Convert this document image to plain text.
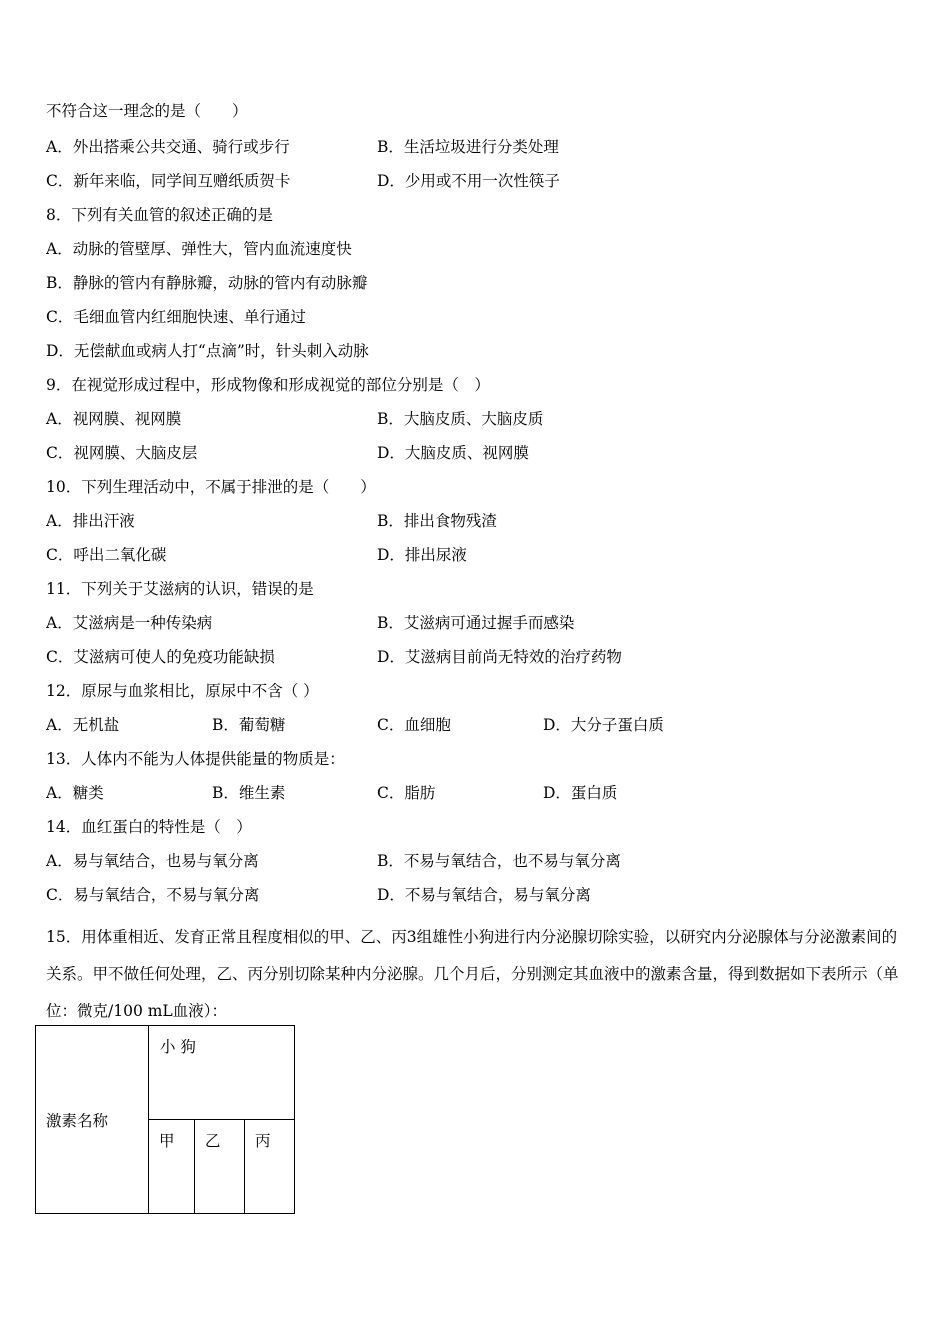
不符合这一理念的是（　　）
A．外出搭乘公共交通、骑行或步行	B．生活垃圾进行分类处理
C．新年来临，同学间互赠纸质贺卡	D．少用或不用一次性筷子
8．下列有关血管的叙述正确的是
A．动脉的管壁厚、弹性大，管内血流速度快
B．静脉的管内有静脉瓣，动脉的管内有动脉瓣
C．毛细血管内红细胞快速、单行通过
D．无偿献血或病人打“点滴”时，针头刺入动脉
9．在视觉形成过程中，形成物像和形成视觉的部位分别是（　）
A．视网膜、视网膜	B．大脑皮质、大脑皮质
C．视网膜、大脑皮层	D．大脑皮质、视网膜
10．下列生理活动中，不属于排泄的是（　　）
A．排出汗液	B．排出食物残渣
C．呼出二氧化碳	D．排出尿液
11．下列关于艾滋病的认识，错误的是
A．艾滋病是一种传染病	B．艾滋病可通过握手而感染
C．艾滋病可使人的免疫功能缺损	D．艾滋病目前尚无特效的治疗药物
12．原尿与血浆相比，原尿中不含（ ）
A．无机盐	B．葡萄糖	C．血细胞	D．大分子蛋白质
13．人体内不能为人体提供能量的物质是：
A．糖类	B．维生素	C．脂肪	D．蛋白质
14．血红蛋白的特性是（　）
A．易与氧结合，也易与氧分离	B．不易与氧结合，也不易与氧分离
C．易与氧结合，不易与氧分离	D．不易与氧结合，易与氧分离
15．用体重相近、发育正常且程度相似的甲、乙、丙3组雄性小狗进行内分泌腺切除实验，以研究内分泌腺体与分泌激素间的关系。甲不做任何处理，乙、丙分别切除某种内分泌腺。几个月后，分别测定其血液中的激素含量，得到数据如下表所示（单位：微克/100 mL血液）：
激素名称	小 狗		
	甲	乙	丙
